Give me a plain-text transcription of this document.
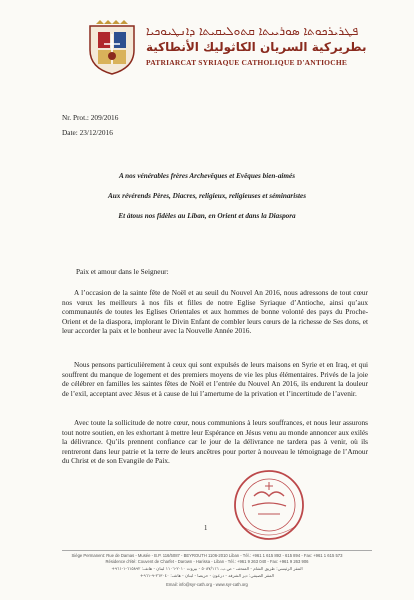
ܦܛܪܝܪܟܘܬܐ ܣܘܪܝܝܬܐ ܩܬܘܠܝܩܝܬܐ ܕܐܢܛܝܘܟܝܐ
بطريركية السريان الكاثوليك الأنطاكية
PATRIARCAT SYRIAQUE CATHOLIQUE D'ANTIOCHE
Nr. Prot.: 209/2016
Date: 23/12/2016
A nos vénérables frères Archevêques et Evêques bien-aimés
Aux révérends Pères, Diacres, religieux, religieuses et séminaristes
Et àtous nos fidèles au Liban, en Orient et dans la Diaspora
Paix et amour dans le Seigneur:

A l’occasion de la sainte fête de Noël et au seuil du Nouvel An 2016, nous adressons de tout cœur nos vœux les meilleurs à nos fils et filles de notre Eglise Syriaque d’Antioche, ainsi qu’aux communautés de toutes les Eglises Orientales et aux hommes de bonne volonté des pays du Proche-Orient et de la diaspora, implorant le Divin Enfant de combler leurs cœurs de la richesse de Ses dons, et leur accorder la paix et le bonheur avec la Nouvelle Année 2016.

Nous pensons particulièrement à ceux qui sont expulsés de leurs maisons en Syrie et en Iraq, et qui souffrent du manque de logement et des premiers moyens de vie les plus élémentaires. Privés de la joie de célébrer en familles les saintes fêtes de Noël et l’entrée du Nouvel An 2016, ils endurent la douleur de l’exil, acceptant avec Jésus et à cause de lui l’amertume de la privation et l’incertitude de l’avenir.

Avec toute la sollicitude de notre cœur, nous communions à leurs souffrances, et nous leur assurons tout notre soutien, en les exhortant à mettre leur Espérance en Jésus venu au monde annoncer aux exilés la délivrance. Qu’ils prennent confiance car le jour de la délivrance ne tardera pas à venir, où ils rentreront dans leur patrie et la terre de leurs ancêtres pour porter à nouveau le témoignage de l’Amour du Christ et de son Evangile de Paix.

1
Siège Permanent: Rue de Damas - Musée - B.P. 116/5087 - BEYROUTH 1106-2010 Liban - Tél.: +961 1 615 892 - 615 894 - Fax: +961 1 615 573
Résidence d'été: Couvent de Charfet - Darown - Harissa - Liban - Tél.: +961 9 263 040 - Fax: +961 9 263 906
المقر الرئيسي: طريق الشام - المتحف - ص.ب. ٥٠٨٧/١١٦ - بيروت ٢٠١٠-١١٠٦ لبنان - هاتف: ٦١٥٨٩٢-١-٩٦١+
المقر الصيفي: دير الشرفة - درعون - حريصا - لبنان - هاتف: ٢٦٣٠٤٠-٩-٩٦١+
Email: info@syr-cath.org - www.syr-cath.org
